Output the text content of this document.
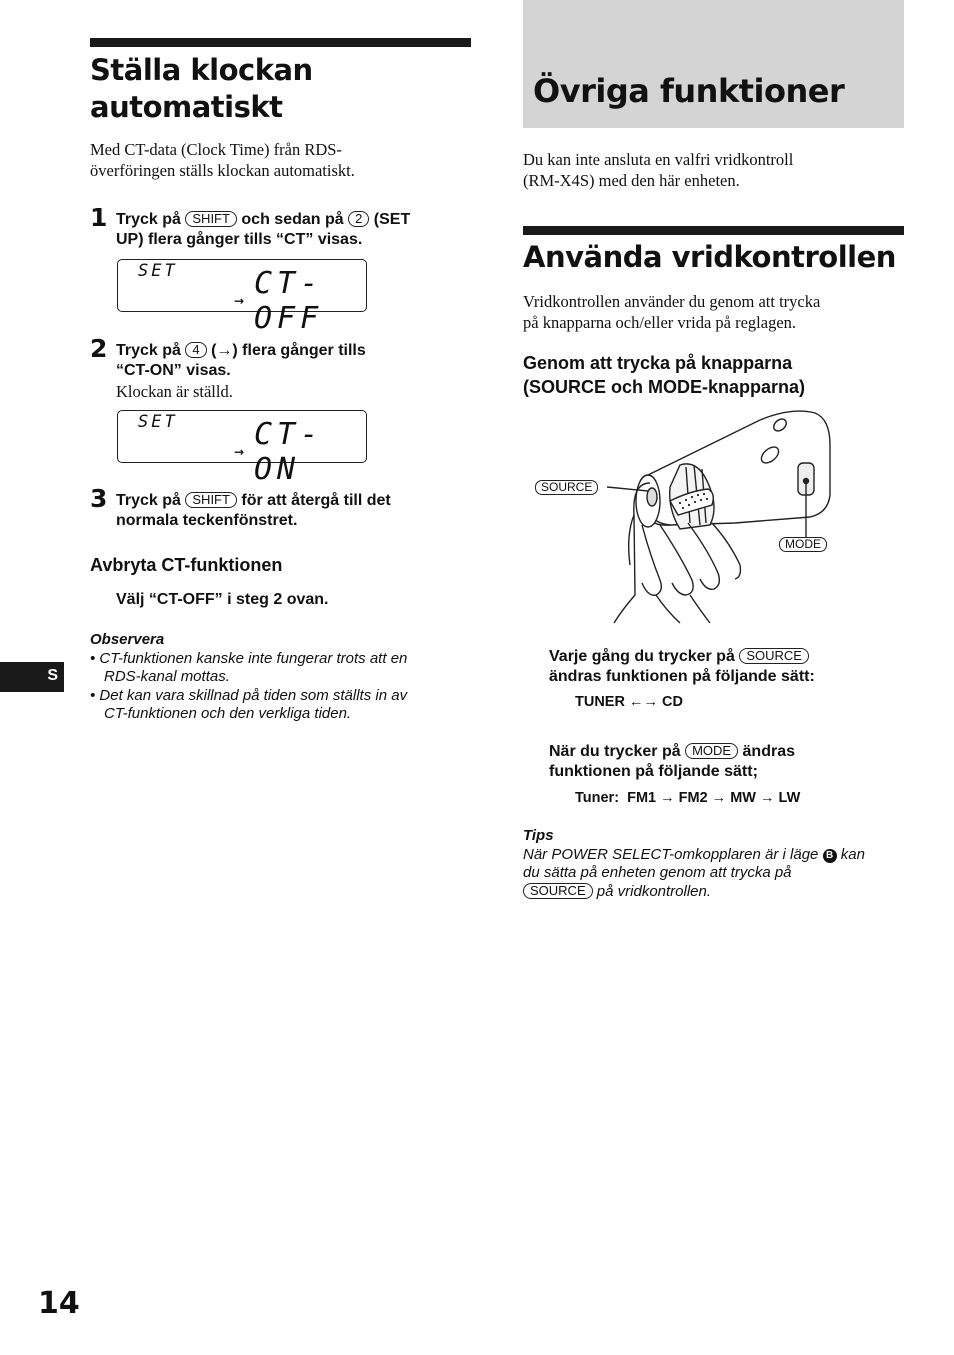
Ställa klockan
automatiskt
Med CT-data (Clock Time) från RDS-
överföringen ställs klockan automatiskt.
1 Tryck på SHIFT och sedan på 2 (SET
UP) flera gånger tills “CT” visas.
SET	CT-OFF
→
2 Tryck på 4 (→) flera gånger tills
“CT-ON” visas.
Klockan är ställd.
SET	CT-ON
→
3 Tryck på SHIFT för att återgå till det
normala teckenfönstret.
Avbryta CT-funktionen
Välj “CT-OFF” i steg 2 ovan.
Observera
• CT-funktionen kanske inte fungerar trots att en
RDS-kanal mottas.
• Det kan vara skillnad på tiden som ställts in av
CT-funktionen och den verkliga tiden.
S
14
Övriga funktioner
Du kan inte ansluta en valfri vridkontroll
(RM-X4S) med den här enheten.
Använda vridkontrollen
Vridkontrollen använder du genom att trycka
på knapparna och/eller vrida på reglagen.
Genom att trycka på knapparna
(SOURCE och MODE-knapparna)
SOURCE
MODE
Varje gång du trycker på SOURCE
ändras funktionen på följande sätt:
TUNER ←→ CD
När du trycker på MODE ändras
funktionen på följande sätt;
Tuner:  FM1 → FM2 → MW → LW
Tips
När POWER SELECT-omkopplaren är i läge B kan
du sätta på enheten genom att trycka på
SOURCE på vridkontrollen.
